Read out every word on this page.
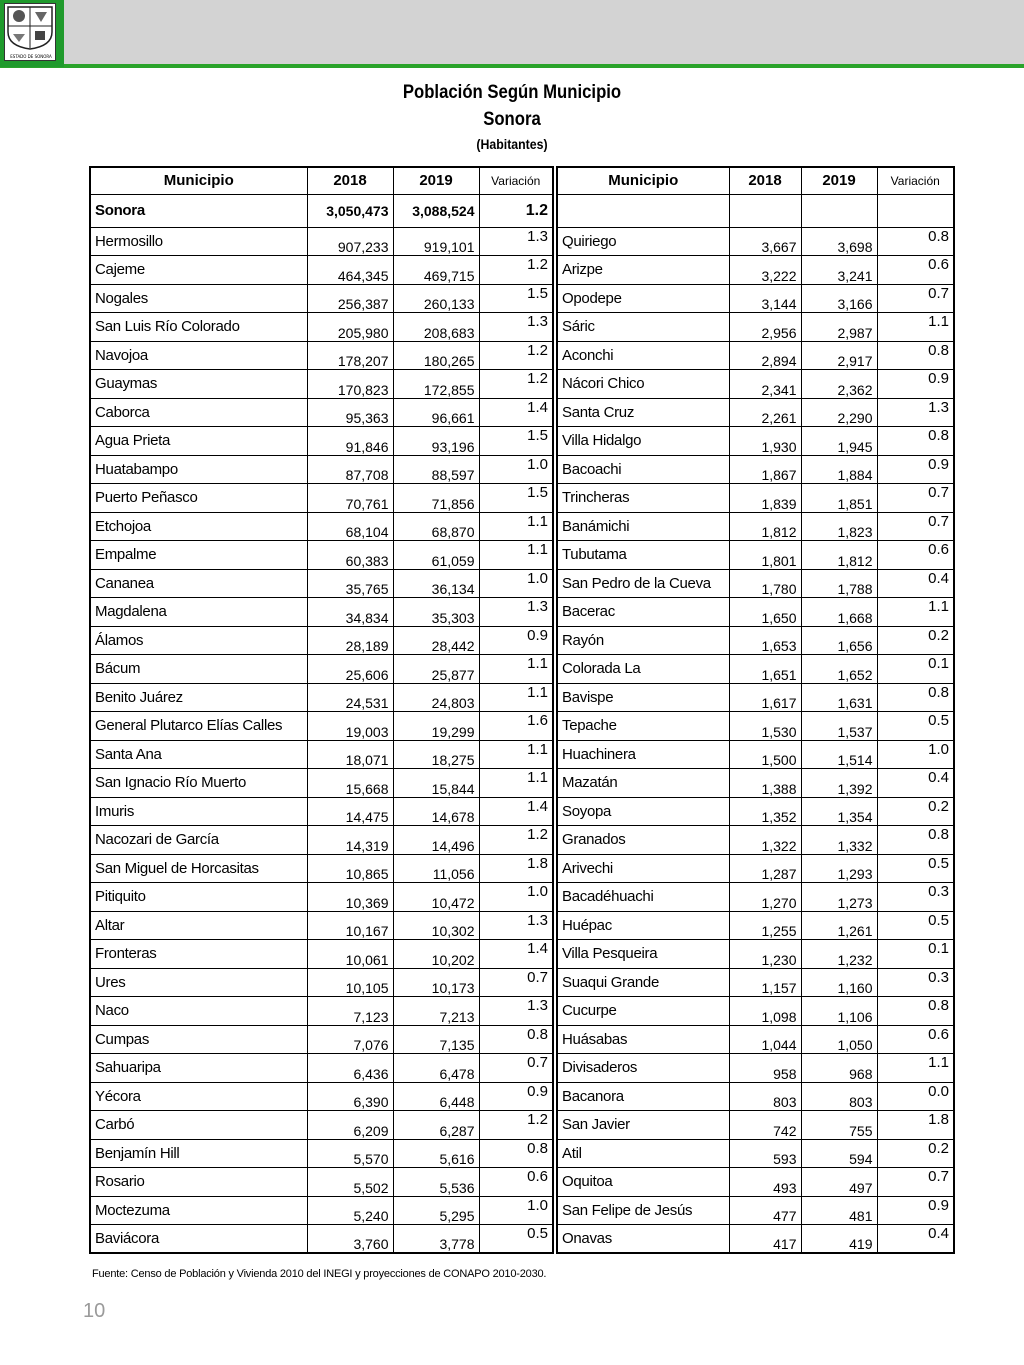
ESTADO DE SONORA
Población Según Municipio
Sonora
(Habitantes)
Municipio	2018	2019	Variación
Sonora	3,050,473	3,088,524	1.2
Hermosillo	907,233	919,101	1.3
Cajeme	464,345	469,715	1.2
Nogales	256,387	260,133	1.5
San Luis Río Colorado	205,980	208,683	1.3
Navojoa	178,207	180,265	1.2
Guaymas	170,823	172,855	1.2
Caborca	95,363	96,661	1.4
Agua Prieta	91,846	93,196	1.5
Huatabampo	87,708	88,597	1.0
Puerto Peñasco	70,761	71,856	1.5
Etchojoa	68,104	68,870	1.1
Empalme	60,383	61,059	1.1
Cananea	35,765	36,134	1.0
Magdalena	34,834	35,303	1.3
Álamos	28,189	28,442	0.9
Bácum	25,606	25,877	1.1
Benito Juárez	24,531	24,803	1.1
General Plutarco Elías Calles	19,003	19,299	1.6
Santa Ana	18,071	18,275	1.1
San Ignacio Río Muerto	15,668	15,844	1.1
Imuris	14,475	14,678	1.4
Nacozari de García	14,319	14,496	1.2
San Miguel de Horcasitas	10,865	11,056	1.8
Pitiquito	10,369	10,472	1.0
Altar	10,167	10,302	1.3
Fronteras	10,061	10,202	1.4
Ures	10,105	10,173	0.7
Naco	7,123	7,213	1.3
Cumpas	7,076	7,135	0.8
Sahuaripa	6,436	6,478	0.7
Yécora	6,390	6,448	0.9
Carbó	6,209	6,287	1.2
Benjamín Hill	5,570	5,616	0.8
Rosario	5,502	5,536	0.6
Moctezuma	5,240	5,295	1.0
Baviácora	3,760	3,778	0.5
Municipio	2018	2019	Variación

Quiriego	3,667	3,698	0.8
Arizpe	3,222	3,241	0.6
Opodepe	3,144	3,166	0.7
Sáric	2,956	2,987	1.1
Aconchi	2,894	2,917	0.8
Nácori Chico	2,341	2,362	0.9
Santa Cruz	2,261	2,290	1.3
Villa Hidalgo	1,930	1,945	0.8
Bacoachi	1,867	1,884	0.9
Trincheras	1,839	1,851	0.7
Banámichi	1,812	1,823	0.7
Tubutama	1,801	1,812	0.6
San Pedro de la Cueva	1,780	1,788	0.4
Bacerac	1,650	1,668	1.1
Rayón	1,653	1,656	0.2
Colorada La	1,651	1,652	0.1
Bavispe	1,617	1,631	0.8
Tepache	1,530	1,537	0.5
Huachinera	1,500	1,514	1.0
Mazatán	1,388	1,392	0.4
Soyopa	1,352	1,354	0.2
Granados	1,322	1,332	0.8
Arivechi	1,287	1,293	0.5
Bacadéhuachi	1,270	1,273	0.3
Huépac	1,255	1,261	0.5
Villa Pesqueira	1,230	1,232	0.1
Suaqui Grande	1,157	1,160	0.3
Cucurpe	1,098	1,106	0.8
Huásabas	1,044	1,050	0.6
Divisaderos	958	968	1.1
Bacanora	803	803	0.0
San Javier	742	755	1.8
Atil	593	594	0.2
Oquitoa	493	497	0.7
San Felipe de Jesús	477	481	0.9
Onavas	417	419	0.4
Fuente: Censo de Población y Vivienda 2010 del INEGI y proyecciones de CONAPO 2010-2030.
10
